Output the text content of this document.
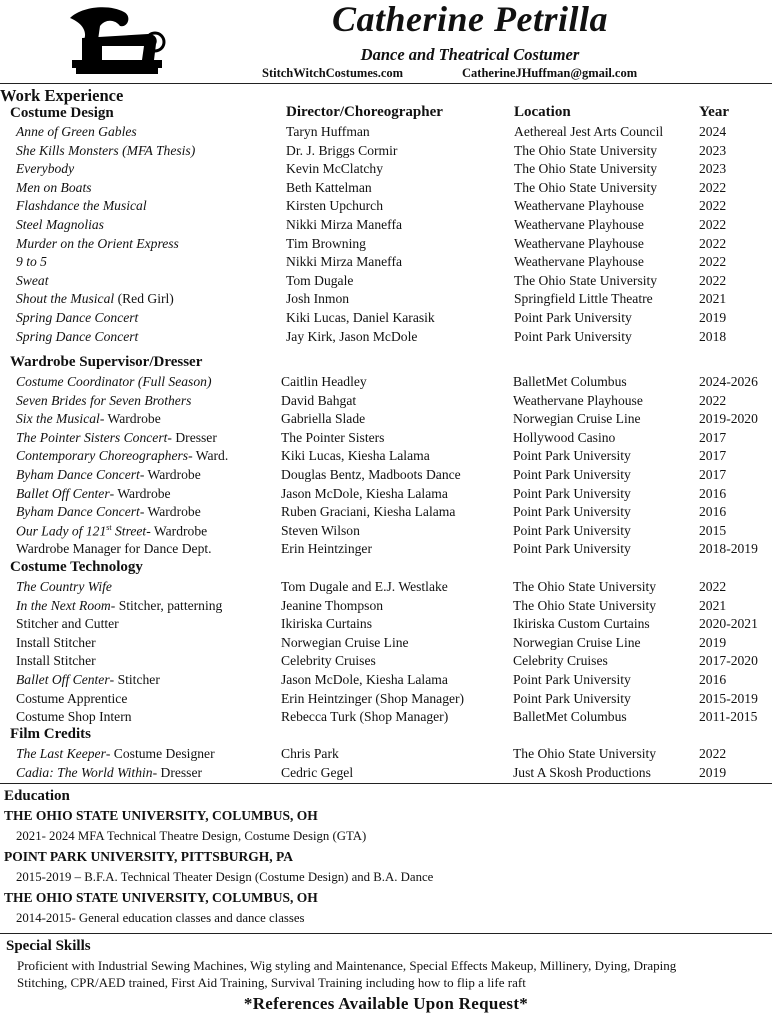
Catherine Petrilla
Dance and Theatrical Costumer
StitchWitchCostumes.com	CatherineJHuffman@gmail.com
Work Experience
Costume Design	Director/Choreographer	Location	Year
Anne of Green Gables	Taryn Huffman	Aethereal Jest Arts Council	2024
She Kills Monsters (MFA Thesis)	Dr. J. Briggs Cormir	The Ohio State University	2023
Everybody	Kevin McClatchy	The Ohio State University	2023
Men on Boats	Beth Kattelman	The Ohio State University	2022
Flashdance the Musical	Kirsten Upchurch	Weathervane Playhouse	2022
Steel Magnolias	Nikki Mirza Maneffa	Weathervane Playhouse	2022
Murder on the Orient Express	Tim Browning	Weathervane Playhouse	2022
9 to 5	Nikki Mirza Maneffa	Weathervane Playhouse	2022
Sweat	Tom Dugale	The Ohio State University	2022
Shout the Musical (Red Girl)	Josh Inmon	Springfield Little Theatre	2021
Spring Dance Concert	Kiki Lucas, Daniel Karasik	Point Park University	2019
Spring Dance Concert	Jay Kirk, Jason McDole	Point Park University	2018
Wardrobe Supervisor/Dresser
Costume Coordinator (Full Season)	Caitlin Headley	BalletMet Columbus	2024-2026
Seven Brides for Seven Brothers	David Bahgat	Weathervane Playhouse	2022
Six the Musical- Wardrobe	Gabriella Slade	Norwegian Cruise Line	2019-2020
The Pointer Sisters Concert- Dresser	The Pointer Sisters	Hollywood Casino	2017
Contemporary Choreographers- Ward.	Kiki Lucas, Kiesha Lalama	Point Park University	2017
Byham Dance Concert- Wardrobe	Douglas Bentz, Madboots Dance	Point Park University	2017
Ballet Off Center- Wardrobe	Jason McDole, Kiesha Lalama	Point Park University	2016
Byham Dance Concert- Wardrobe	Ruben Graciani, Kiesha Lalama	Point Park University	2016
Our Lady of 121st Street- Wardrobe	Steven Wilson	Point Park University	2015
Wardrobe Manager for Dance Dept.	Erin Heintzinger	Point Park University	2018-2019
Costume Technology
The Country Wife	Tom Dugale and E.J. Westlake	The Ohio State University	2022
In the Next Room- Stitcher, patterning	Jeanine Thompson	The Ohio State University	2021
Stitcher and Cutter	Ikiriska Curtains	Ikiriska Custom Curtains	2020-2021
Install Stitcher	Norwegian Cruise Line	Norwegian Cruise Line	2019
Install Stitcher	Celebrity Cruises	Celebrity Cruises	2017-2020
Ballet Off Center- Stitcher	Jason McDole, Kiesha Lalama	Point Park University	2016
Costume Apprentice	Erin Heintzinger (Shop Manager)	Point Park University	2015-2019
Costume Shop Intern	Rebecca Turk (Shop Manager)	BalletMet Columbus	2011-2015
Film Credits
The Last Keeper- Costume Designer	Chris Park	The Ohio State University	2022
Cadia: The World Within- Dresser	Cedric Gegel	Just A Skosh Productions	2019
Education
THE OHIO STATE UNIVERSITY, COLUMBUS, OH
2021- 2024 MFA Technical Theatre Design, Costume Design (GTA)
POINT PARK UNIVERSITY, PITTSBURGH, PA
2015-2019 – B.F.A. Technical Theater Design (Costume Design) and B.A. Dance
THE OHIO STATE UNIVERSITY, COLUMBUS, OH
2014-2015- General education classes and dance classes
Special Skills
Proficient with Industrial Sewing Machines, Wig styling and Maintenance, Special Effects Makeup, Millinery, Dying, Draping
Stitching, CPR/AED trained, First Aid Training, Survival Training including how to flip a life raft
*References Available Upon Request*
